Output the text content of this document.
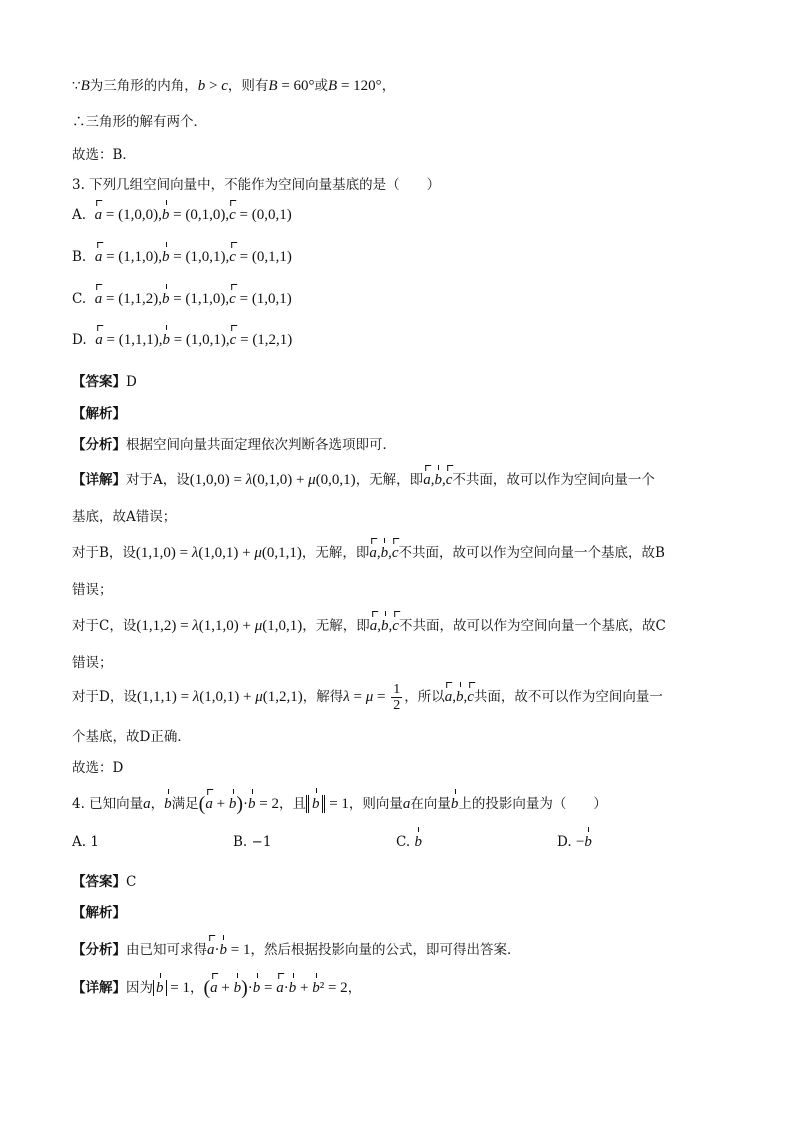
∵B为三角形的内角，b > c，则有B = 60°或B = 120°，
∴三角形的解有两个．
故选：B．
3. 下列几组空间向量中，不能作为空间向量基底的是（　　）
A. a = (1,0,0),b = (0,1,0),c = (0,0,1)
B. a = (1,1,0),b = (1,0,1),c = (0,1,1)
C. a = (1,1,2),b = (1,1,0),c = (1,0,1)
D. a = (1,1,1),b = (1,0,1),c = (1,2,1)
【答案】D
【解析】
【分析】根据空间向量共面定理依次判断各选项即可．
【详解】对于A，设(1,0,0) = λ(0,1,0) + μ(0,0,1)，无解，即a,b,c不共面，故可以作为空间向量一个
基底，故A错误；
对于B，设(1,1,0) = λ(1,0,1) + μ(0,1,1)，无解，即a,b,c不共面，故可以作为空间向量一个基底，故B
错误；
对于C，设(1,1,2) = λ(1,1,0) + μ(1,0,1)，无解，即a,b,c不共面，故可以作为空间向量一个基底，故C
错误；
对于D，设(1,1,1) = λ(1,0,1) + μ(1,2,1)，解得$\lambda = \mu = \frac{1}{2}$ ，所以a,b,c共面，故不可以作为空间向量一
个基底，故D正确．
故选：D
4. 已知向量a，b满足(a + b)·b = 2，且 b = 1，则向量a在向量b上的投影向量为（　　）
A. 1	B. −1	C. b	D. −b
【答案】C
【解析】
【分析】由已知可求得a·b = 1，然后根据投影向量的公式，即可得出答案．
【详解】因为 b = 1，(a + b)·b = a·b + b² = 2，
